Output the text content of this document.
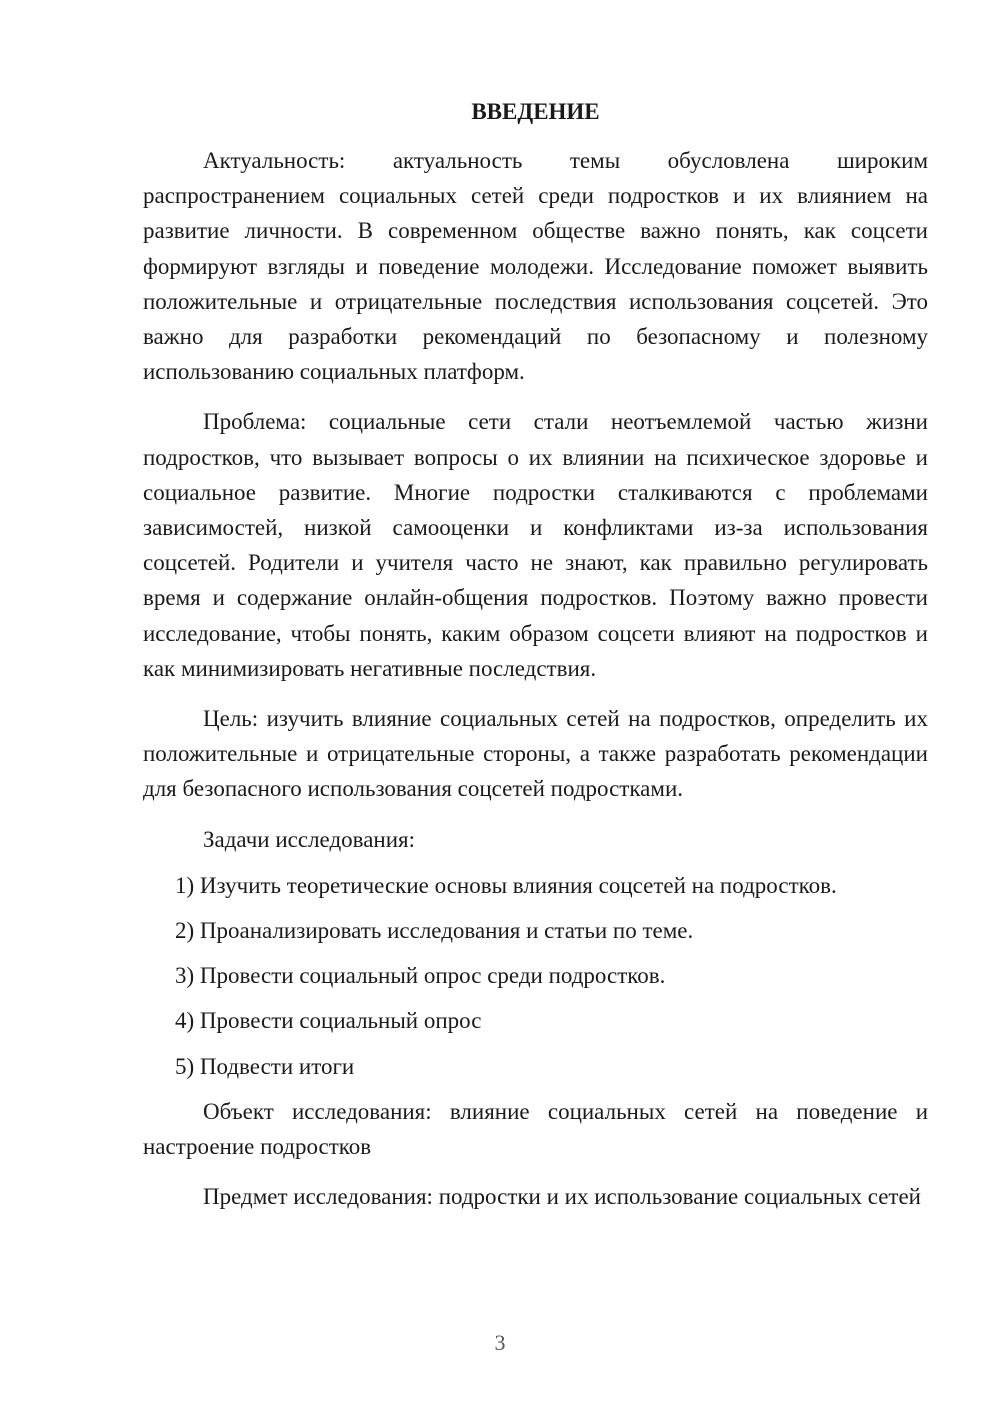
ВВЕДЕНИЕ

Актуальность: актуальность темы обусловлена широким распространением социальных сетей среди подростков и их влиянием на развитие личности. В современном обществе важно понять, как соцсети формируют взгляды и поведение молодежи. Исследование поможет выявить положительные и отрицательные последствия использования соцсетей. Это важно для разработки рекомендаций по безопасному и полезному использованию социальных платформ.

Проблема: социальные сети стали неотъемлемой частью жизни подростков, что вызывает вопросы о их влиянии на психическое здоровье и социальное развитие. Многие подростки сталкиваются с проблемами зависимостей, низкой самооценки и конфликтами из-за использования соцсетей. Родители и учителя часто не знают, как правильно регулировать время и содержание онлайн-общения подростков. Поэтому важно провести исследование, чтобы понять, каким образом соцсети влияют на подростков и как минимизировать негативные последствия.

Цель: изучить влияние социальных сетей на подростков, определить их положительные и отрицательные стороны, а также разработать рекомендации для безопасного использования соцсетей подростками.

Задачи исследования:

1) Изучить теоретические основы влияния соцсетей на подростков.

2) Проанализировать исследования и статьи по теме.

3) Провести социальный опрос среди подростков.

4) Провести социальный опрос

5) Подвести итоги

Объект исследования: влияние социальных сетей на поведение и настроение подростков

Предмет исследования: подростки и их использование социальных сетей

3
